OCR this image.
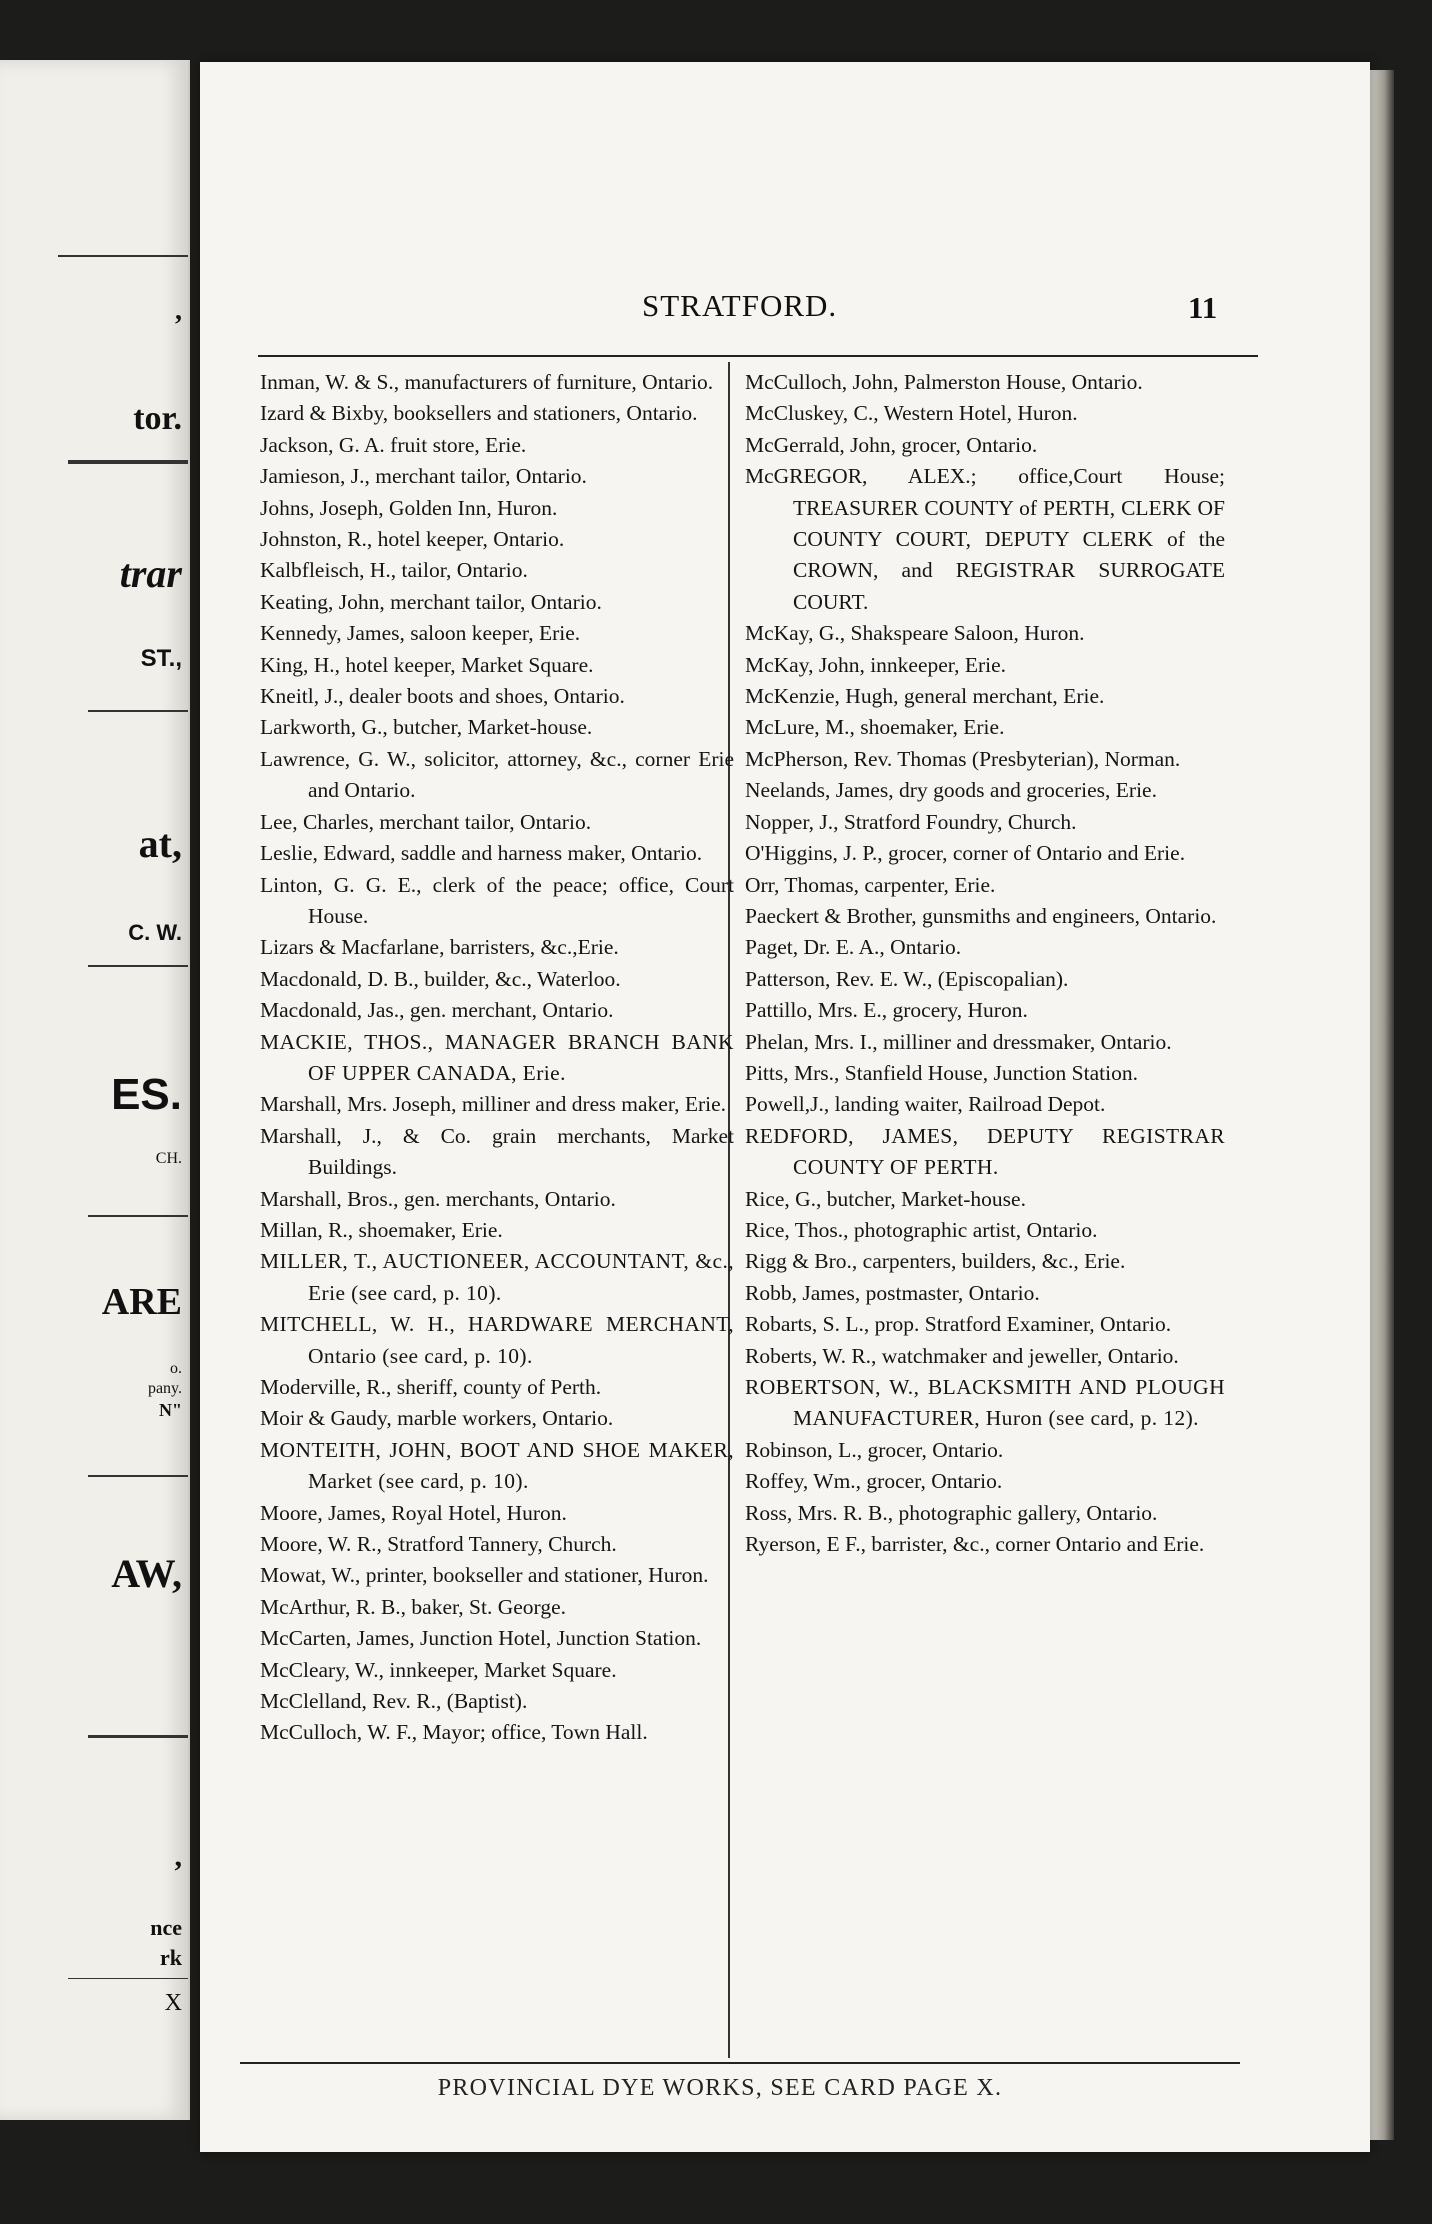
,
tor.
trar
ST.,
at,
C. W.
ES.
CH.
ARE
o.
pany.
N"
AW,
,
nce
rk
X
STRATFORD.	11

Inman, W. & S., manufacturers of furniture, Ontario.

Izard & Bixby, booksellers and stationers, Ontario.

Jackson, G. A. fruit store, Erie.

Jamieson, J., merchant tailor, Ontario.

Johns, Joseph, Golden Inn, Huron.

Johnston, R., hotel keeper, Ontario.

Kalbfleisch, H., tailor, Ontario.

Keating, John, merchant tailor, Ontario.

Kennedy, James, saloon keeper, Erie.

King, H., hotel keeper, Market Square.

Kneitl, J., dealer boots and shoes, Ontario.

Larkworth, G., butcher, Market-house.

Lawrence, G. W., solicitor, attorney, &c., corner Erie and Ontario.

Lee, Charles, merchant tailor, Ontario.

Leslie, Edward, saddle and harness maker, Ontario.

Linton, G. G. E., clerk of the peace; office, Court House.

Lizars & Macfarlane, barristers, &c.,Erie.

Macdonald, D. B., builder, &c., Waterloo.

Macdonald, Jas., gen. merchant, Ontario.

MACKIE, THOS., MANAGER BRANCH BANK OF UPPER CANADA, Erie.

Marshall, Mrs. Joseph, milliner and dress maker, Erie.

Marshall, J., & Co. grain merchants, Market Buildings.

Marshall, Bros., gen. merchants, Ontario.

Millan, R., shoemaker, Erie.

MILLER, T., AUCTIONEER, ACCOUNTANT, &c., Erie (see card, p. 10).

MITCHELL, W. H., HARDWARE MERCHANT, Ontario (see card, p. 10).

Moderville, R., sheriff, county of Perth.

Moir & Gaudy, marble workers, Ontario.

MONTEITH, JOHN, BOOT AND SHOE MAKER, Market (see card, p. 10).

Moore, James, Royal Hotel, Huron.

Moore, W. R., Stratford Tannery, Church.

Mowat, W., printer, bookseller and stationer, Huron.

McArthur, R. B., baker, St. George.

McCarten, James, Junction Hotel, Junction Station.

McCleary, W., innkeeper, Market Square.

McClelland, Rev. R., (Baptist).

McCulloch, W. F., Mayor; office, Town Hall.

McCulloch, John, Palmerston House, Ontario.

McCluskey, C., Western Hotel, Huron.

McGerrald, John, grocer, Ontario.

McGREGOR, ALEX.; office,Court House; TREASURER COUNTY of PERTH, CLERK OF COUNTY COURT, DEPUTY CLERK of the CROWN, and REGISTRAR SURROGATE COURT.

McKay, G., Shakspeare Saloon, Huron.

McKay, John, innkeeper, Erie.

McKenzie, Hugh, general merchant, Erie.

McLure, M., shoemaker, Erie.

McPherson, Rev. Thomas (Presbyterian), Norman.

Neelands, James, dry goods and groceries, Erie.

Nopper, J., Stratford Foundry, Church.

O'Higgins, J. P., grocer, corner of Ontario and Erie.

Orr, Thomas, carpenter, Erie.

Paeckert & Brother, gunsmiths and engineers, Ontario.

Paget, Dr. E. A., Ontario.

Patterson, Rev. E. W., (Episcopalian).

Pattillo, Mrs. E., grocery, Huron.

Phelan, Mrs. I., milliner and dressmaker, Ontario.

Pitts, Mrs., Stanfield House, Junction Station.

Powell,J., landing waiter, Railroad Depot.

REDFORD, JAMES, DEPUTY REGISTRAR COUNTY OF PERTH.

Rice, G., butcher, Market-house.

Rice, Thos., photographic artist, Ontario.

Rigg & Bro., carpenters, builders, &c., Erie.

Robb, James, postmaster, Ontario.

Robarts, S. L., prop. Stratford Examiner, Ontario.

Roberts, W. R., watchmaker and jeweller, Ontario.

ROBERTSON, W., BLACKSMITH AND PLOUGH MANUFACTURER, Huron (see card, p. 12).

Robinson, L., grocer, Ontario.

Roffey, Wm., grocer, Ontario.

Ross, Mrs. R. B., photographic gallery, Ontario.

Ryerson, E F., barrister, &c., corner Ontario and Erie.

PROVINCIAL DYE WORKS, SEE CARD PAGE X.
